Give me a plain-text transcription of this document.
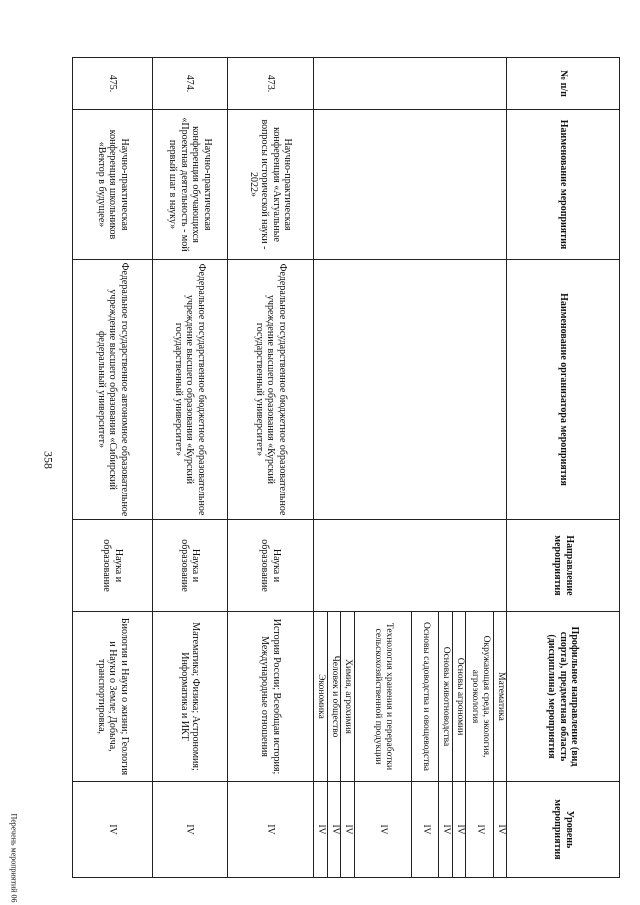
358
№ п/п	Наименование мероприятия	Наименование организатора мероприятия	Направление мероприятия	Профильное направление (вид спорта), предметная область (дисциплина) мероприятия	Уровень мероприятия
				Математика	IV
				Окружающая среда, экология, агроэкология	IV
				Основы агрономии	IV
				Основы животноводства	IV
				Основы садоводства и овощеводства	IV
				Технология хранения и переработки сельскохозяйственной продукции	IV
				Химия, агрохимия	IV
				Человек и общество	IV
				Экономика	IV
473.	Научно-практическая конференция «Актуальные вопросы исторической науки - 2022»	Федеральное государственное бюджетное образовательное учреждение высшего образования «Курский государственный университет»	Наука и образование	История России; Всеобщая история; Международные отношения	IV
474.	Научно-практическая конференция обучающихся «Проектная деятельность - мой первый шаг в науку»	Федеральное государственное бюджетное образовательное учреждение высшего образования «Курский государственный университет»	Наука и образование	Математика; Физика; Астрономия; Информатика и ИКТ	IV
475.	Научно-практическая конференция школьников «Вектор в будущее»	Федеральное государственное автономное образовательное учреждение высшего образования «Сибирский федеральный университет»	Наука и образование	Биология и Науки о жизни; Геология и Науки о Земле; Добыча, транспортировка,	IV
Перечень мероприятий 06
